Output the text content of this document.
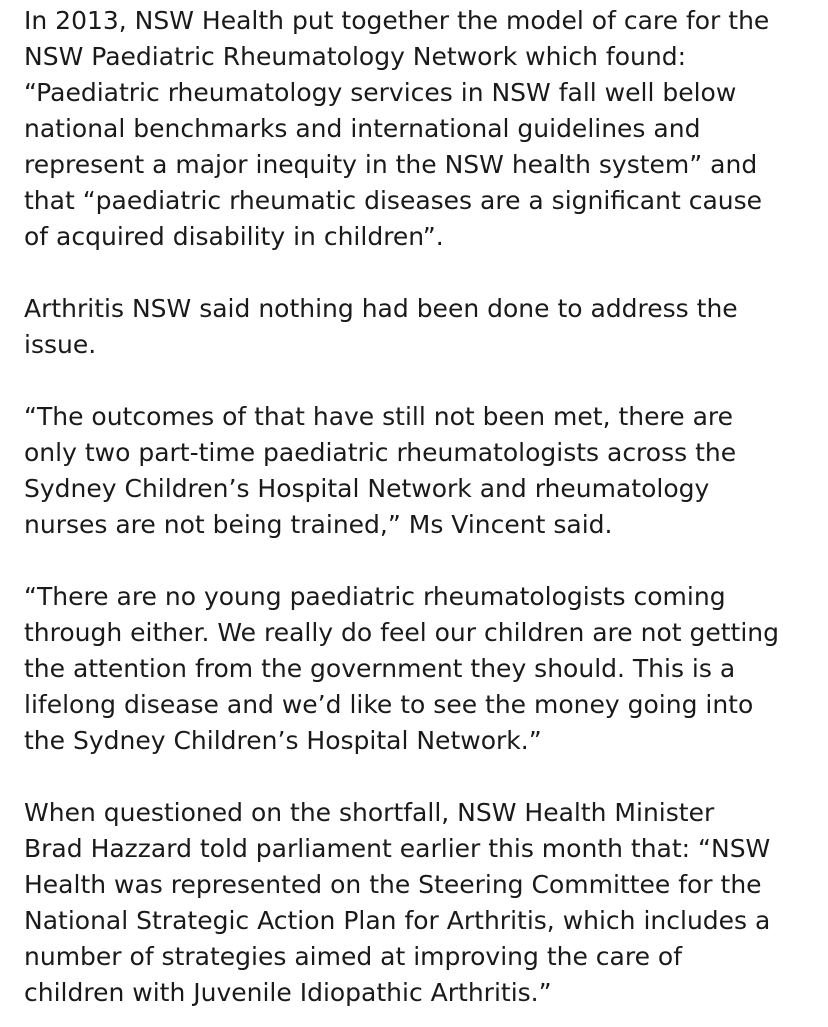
In 2013, NSW Health put together the model of care for the
NSW Paediatric Rheumatology Network which found:
“Paediatric rheumatology services in NSW fall well below
national benchmarks and international guidelines and
represent a major inequity in the NSW health system” and
that “paediatric rheumatic diseases are a significant cause
of acquired disability in children”.

Arthritis NSW said nothing had been done to address the
issue.

“The outcomes of that have still not been met, there are
only two part-time paediatric rheumatologists across the
Sydney Children’s Hospital Network and rheumatology
nurses are not being trained,” Ms Vincent said.

“There are no young paediatric rheumatologists coming
through either. We really do feel our children are not getting
the attention from the government they should. This is a
lifelong disease and we’d like to see the money going into
the Sydney Children’s Hospital Network.”

When questioned on the shortfall, NSW Health Minister
Brad Hazzard told parliament earlier this month that: “NSW
Health was represented on the Steering Committee for the
National Strategic Action Plan for Arthritis, which includes a
number of strategies aimed at improving the care of
children with Juvenile Idiopathic Arthritis.”
